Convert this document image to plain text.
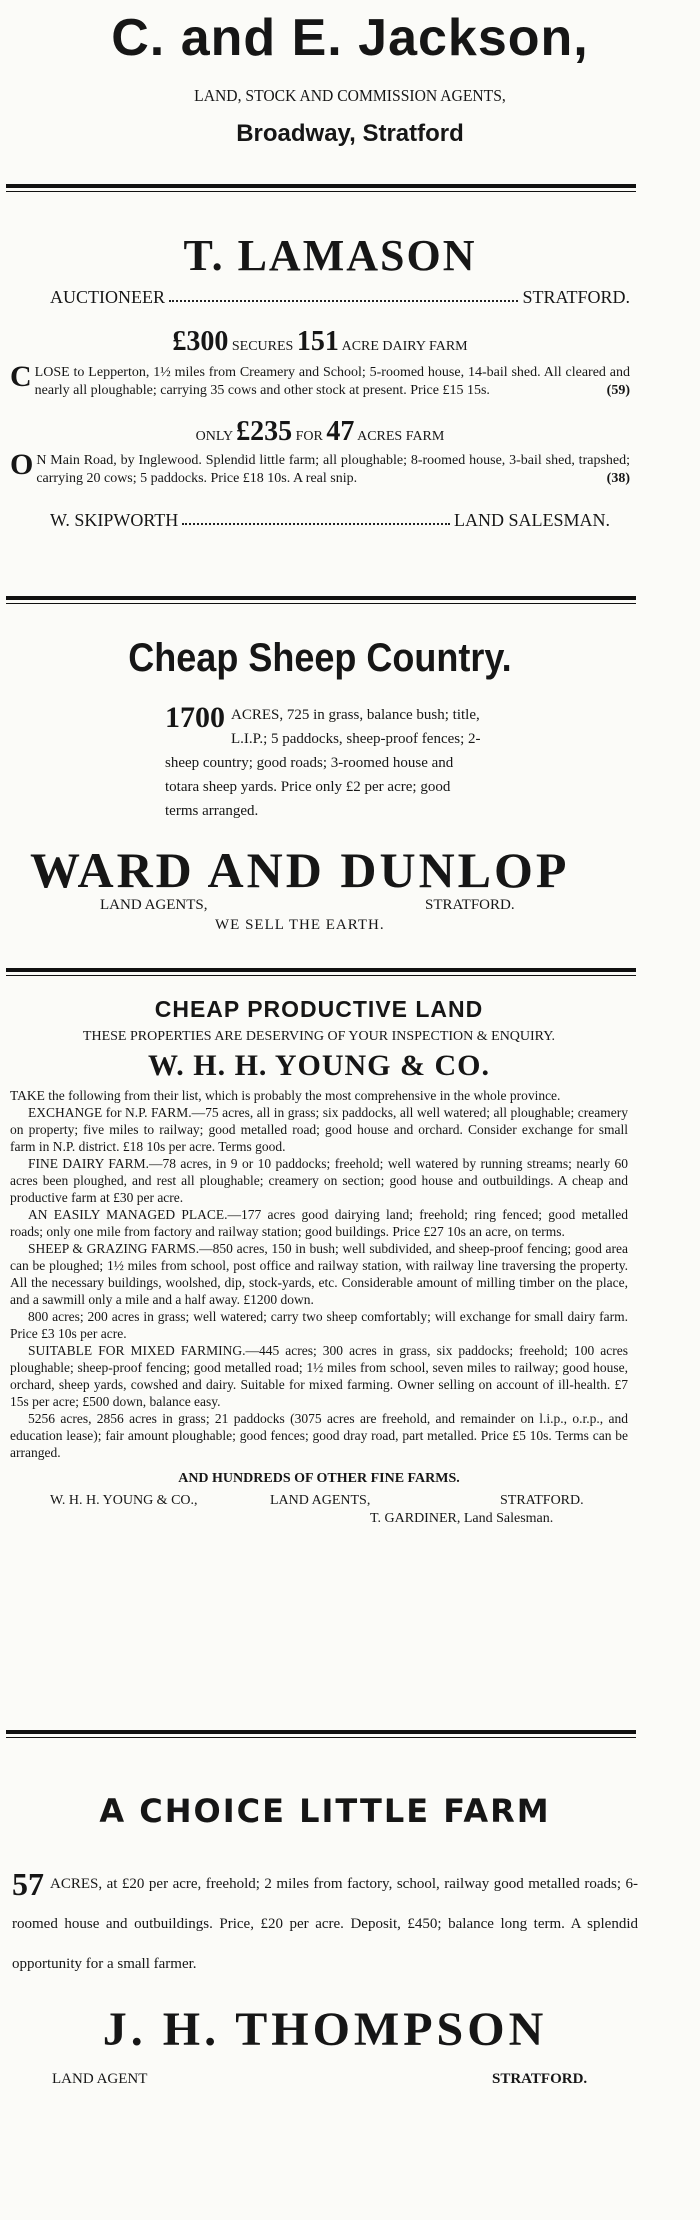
C. and E. Jackson,
LAND, STOCK AND COMMISSION AGENTS,
Broadway, Stratford
T. LAMASON
AUCTIONEER	STRATFORD.
£300 SECURES 151 ACRE DAIRY FARM
CLOSE to Lepperton, 1½ miles from Creamery and School; 5-roomed house, 14-bail shed. All cleared and nearly all ploughable; carrying 35 cows and other stock at present. Price £15 15s.	(59)
ONLY £235 FOR 47 ACRES FARM
O N Main Road, by Inglewood. Splendid little farm; all ploughable; 8-roomed house, 3-bail shed, trapshed; carrying 20 cows; 5 paddocks. Price £18 10s. A real snip.	(38)
W. SKIPWORTH	LAND SALESMAN.
Cheap Sheep Country.
1700 ACRES, 725 in grass, balance bush; title, L.I.P.; 5 paddocks, sheep-proof fences; 2-sheep country; good roads; 3-roomed house and totara sheep yards. Price only £2 per acre; good terms arranged.
WARD AND DUNLOP
LAND AGENTS,	STRATFORD.
WE SELL THE EARTH.
CHEAP PRODUCTIVE LAND
THESE PROPERTIES ARE DESERVING OF YOUR INSPECTION & ENQUIRY.
W. H. H. YOUNG & CO.

TAKE the following from their list, which is probably the most comprehensive in the whole province.

EXCHANGE for N.P. FARM.—75 acres, all in grass; six paddocks, all well watered; all ploughable; creamery on property; five miles to railway; good metalled road; good house and orchard. Consider exchange for small farm in N.P. district. £18 10s per acre. Terms good.

FINE DAIRY FARM.—78 acres, in 9 or 10 paddocks; freehold; well watered by running streams; nearly 60 acres been ploughed, and rest all ploughable; creamery on section; good house and outbuildings. A cheap and productive farm at £30 per acre.

AN EASILY MANAGED PLACE.—177 acres good dairying land; freehold; ring fenced; good metalled roads; only one mile from factory and railway station; good buildings. Price £27 10s an acre, on terms.

SHEEP & GRAZING FARMS.—850 acres, 150 in bush; well subdivided, and sheep-proof fencing; good area can be ploughed; 1½ miles from school, post office and railway station, with railway line traversing the property. All the necessary buildings, woolshed, dip, stock-yards, etc. Considerable amount of milling timber on the place, and a sawmill only a mile and a half away. £1200 down.

800 acres; 200 acres in grass; well watered; carry two sheep comfortably; will exchange for small dairy farm. Price £3 10s per acre.

SUITABLE FOR MIXED FARMING.—445 acres; 300 acres in grass, six paddocks; freehold; 100 acres ploughable; sheep-proof fencing; good metalled road; 1½ miles from school, seven miles to railway; good house, orchard, sheep yards, cowshed and dairy. Suitable for mixed farming. Owner selling on account of ill-health. £7 15s per acre; £500 down, balance easy.

5256 acres, 2856 acres in grass; 21 paddocks (3075 acres are freehold, and remainder on l.i.p., o.r.p., and education lease); fair amount ploughable; good fences; good dray road, part metalled. Price £5 10s. Terms can be arranged.

AND HUNDREDS OF OTHER FINE FARMS.
W. H. H. YOUNG & CO.,	LAND AGENTS,	STRATFORD.
T. GARDINER, Land Salesman.
A CHOICE LITTLE FARM
57 ACRES, at £20 per acre, freehold; 2 miles from factory, school, railway good metalled roads; 6-roomed house and outbuildings. Price, £20 per acre. Deposit, £450; balance long term. A splendid opportunity for a small farmer.
J. H. THOMPSON
LAND AGENT	STRATFORD.
